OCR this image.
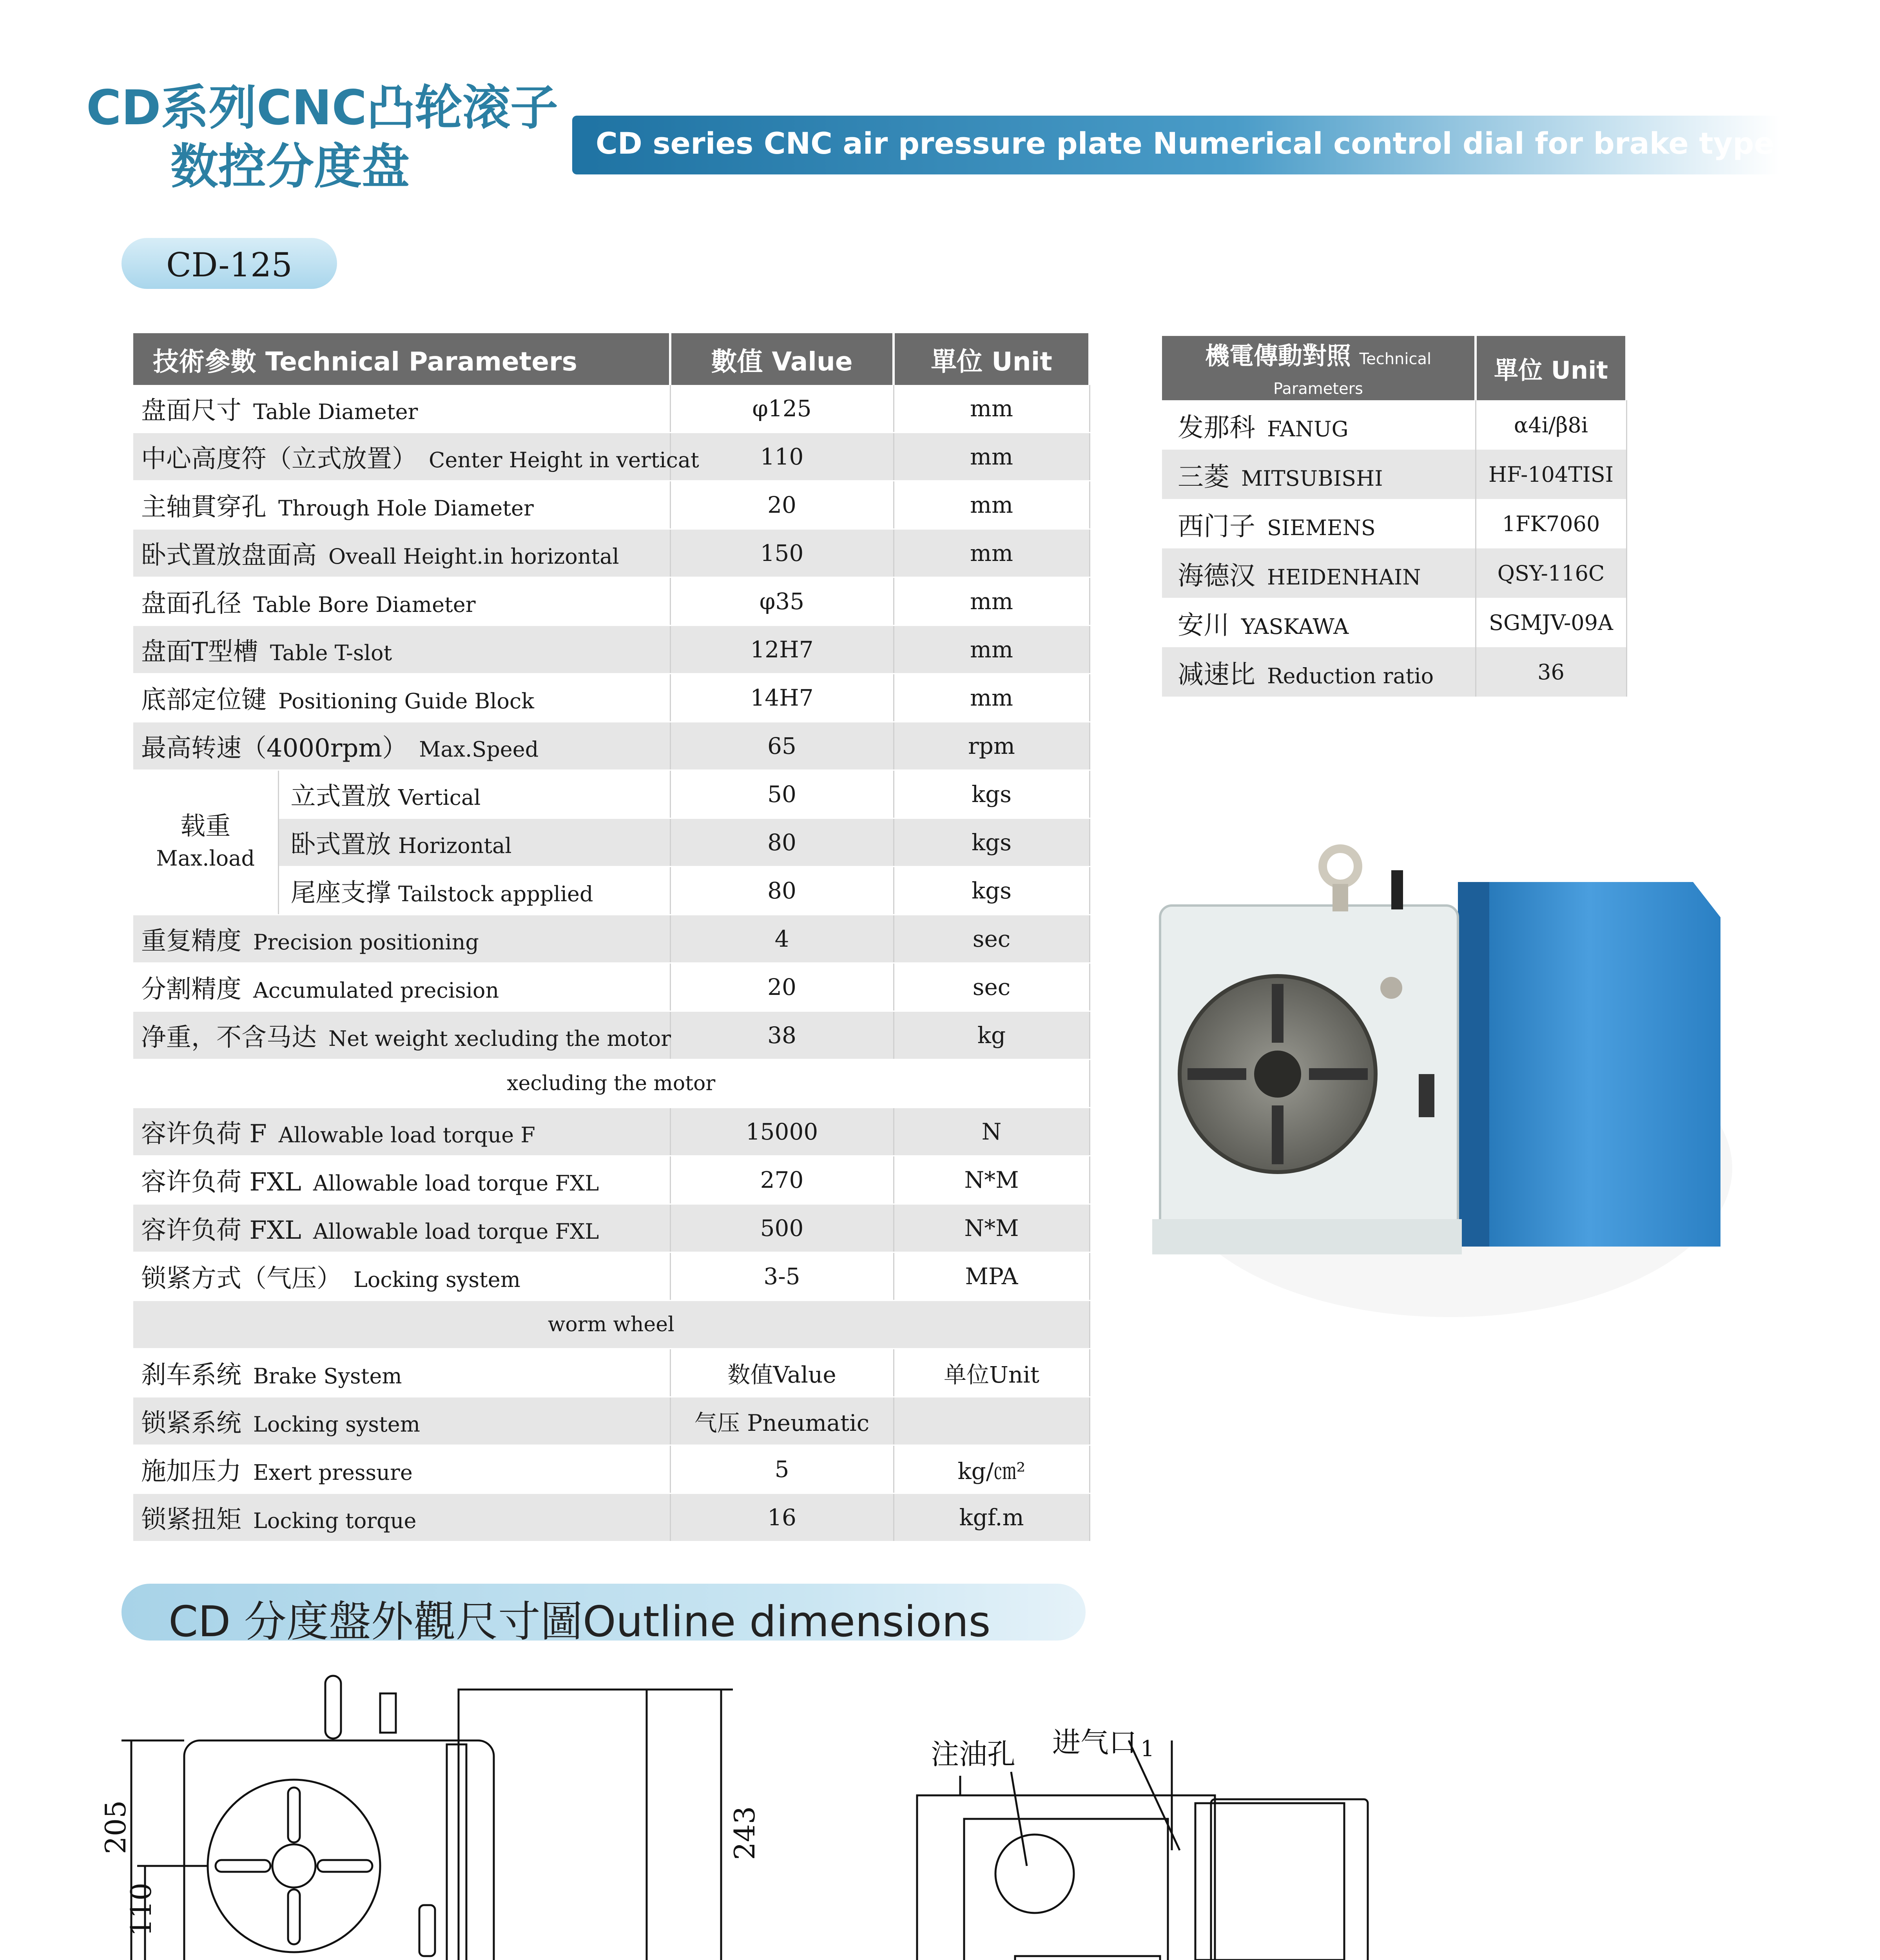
CD系列CNC凸轮滚子
数控分度盘	CD series CNC air pressure plate Numerical control dial for brake type brake
CD-125
技術參數 Technical Parameters		數值 Value	單位 Unit
盘面尺寸 Table Diameter		φ125	mm
中心高度符（立式放置） Center Height in verticat		110	mm
主轴貫穿孔 Through Hole Diameter		20	mm
卧式置放盘面高 Oveall Height.in horizontal		150	mm
盘面孔径 Table Bore Diameter		φ35	mm
盘面T型槽 Table T-slot		12H7	mm
底部定位键 Positioning Guide Block		14H7	mm
最高转速（4000rpm） Max.Speed		65	rpm

载重
Max.load	立式置放 Vertical	50	kgs
	卧式置放 Horizontal	80	kgs
	尾座支撑 Tailstock appplied	80	kgs
重复精度 Precision positioning		4	sec
分割精度 Accumulated precision		20	sec
净重，不含马达 Net weight xecluding the motor		38	kg
xecluding the motor			
容许负荷 F Allowable load torque F		15000	N
容许负荷 FXL Allowable load torque FXL		270	N*M
容许负荷 FXL Allowable load torque FXL		500	N*M
锁紧方式（气压） Locking system		3-5	MPA
worm wheel			
刹车系统 Brake System		数值Value	单位Unit
锁紧系统 Locking system		气压 Pneumatic	
施加压力 Exert pressure		5	kg/㎝²
锁紧扭矩 Locking torque		16	kgf.m
機電傳動對照 Technical Parameters	單位 Unit
发那科 FANUG	α4i/β8i
三菱 MITSUBISHI	HF-104TISI
西门子 SIEMENS	1FK7060
海德汉 HEIDENHAIN	QSY-116C
安川 YASKAWA	SGMJV-09A
减速比 Reduction ratio	36
CD 分度盤外觀尺寸圖Outline dimensions
205
110
243
注油孔 进气口 1
